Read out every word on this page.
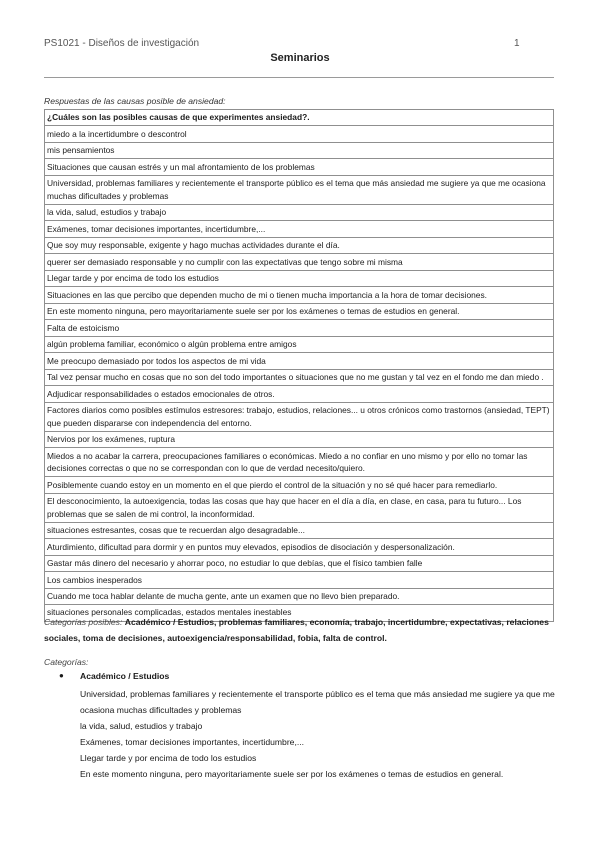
PS1021 - Diseños de investigación	1
Seminarios
Respuestas de las causas posible de ansiedad:
¿Cuáles son las posibles causas de que experimentes ansiedad?.
miedo a la incertidumbre o descontrol
mis pensamientos
Situaciones que causan estrés y un mal afrontamiento de los problemas
Universidad, problemas familiares y recientemente el transporte público es el tema que más ansiedad me sugiere ya que me ocasiona muchas dificultades y problemas
la vida, salud, estudios y trabajo
Exámenes, tomar decisiones importantes, incertidumbre,...
Que soy muy responsable, exigente y hago muchas actividades durante el día.
querer ser demasiado responsable y no cumplir con las expectativas que tengo sobre mi misma
Llegar tarde y por encima de todo los estudios
Situaciones en las que percibo que dependen mucho de mi o tienen mucha importancia a la hora de tomar decisiones.
En este momento ninguna, pero mayoritariamente suele ser por los exámenes o temas de estudios en general.
Falta de estoicismo
algún problema familiar, económico o algún problema entre amigos
Me preocupo demasiado por todos los aspectos de mi vida
Tal vez pensar mucho en cosas que no son del todo importantes o situaciones que no me gustan y tal vez en el fondo me dan miedo .
Adjudicar responsabilidades o estados emocionales de otros.
Factores diarios como posibles estímulos estresores: trabajo, estudios, relaciones... u otros crónicos como trastornos (ansiedad, TEPT) que pueden dispararse con independencia del entorno.
Nervios por los exámenes, ruptura
Miedos a no acabar la carrera, preocupaciones familiares o económicas. Miedo a no confiar en uno mismo y por ello no tomar las decisiones correctas o que no se correspondan con lo que de verdad necesito/quiero.
Posiblemente cuando estoy en un momento en el que pierdo el control de la situación y no sé qué hacer para remediarlo.
El desconocimiento, la autoexigencia, todas las cosas que hay que hacer en el día a día, en clase, en casa, para tu futuro... Los problemas que se salen de mi control, la inconformidad.
situaciones estresantes, cosas que te recuerdan algo desagradable...
Aturdimiento, dificultad para dormir y en puntos muy elevados, episodios de disociación y despersonalización.
Gastar más dinero del necesario y ahorrar poco, no estudiar lo que debías, que el físico tambien falle
Los cambios inesperados
Cuando me toca hablar delante de mucha gente, ante un examen que no llevo bien preparado.
situaciones personales complicadas, estados mentales inestables
Categorías posibles: Académico / Estudios, problemas familiares, economía, trabajo, incertidumbre, expectativas, relaciones sociales, toma de decisiones, autoexigencia/responsabilidad, fobia, falta de control.
Categorías:
● Académico / Estudios
Universidad, problemas familiares y recientemente el transporte público es el tema que más ansiedad me sugiere ya que me ocasiona muchas dificultades y problemas
la vida, salud, estudios y trabajo
Exámenes, tomar decisiones importantes, incertidumbre,...
Llegar tarde y por encima de todo los estudios
En este momento ninguna, pero mayoritariamente suele ser por los exámenes o temas de estudios en general.
